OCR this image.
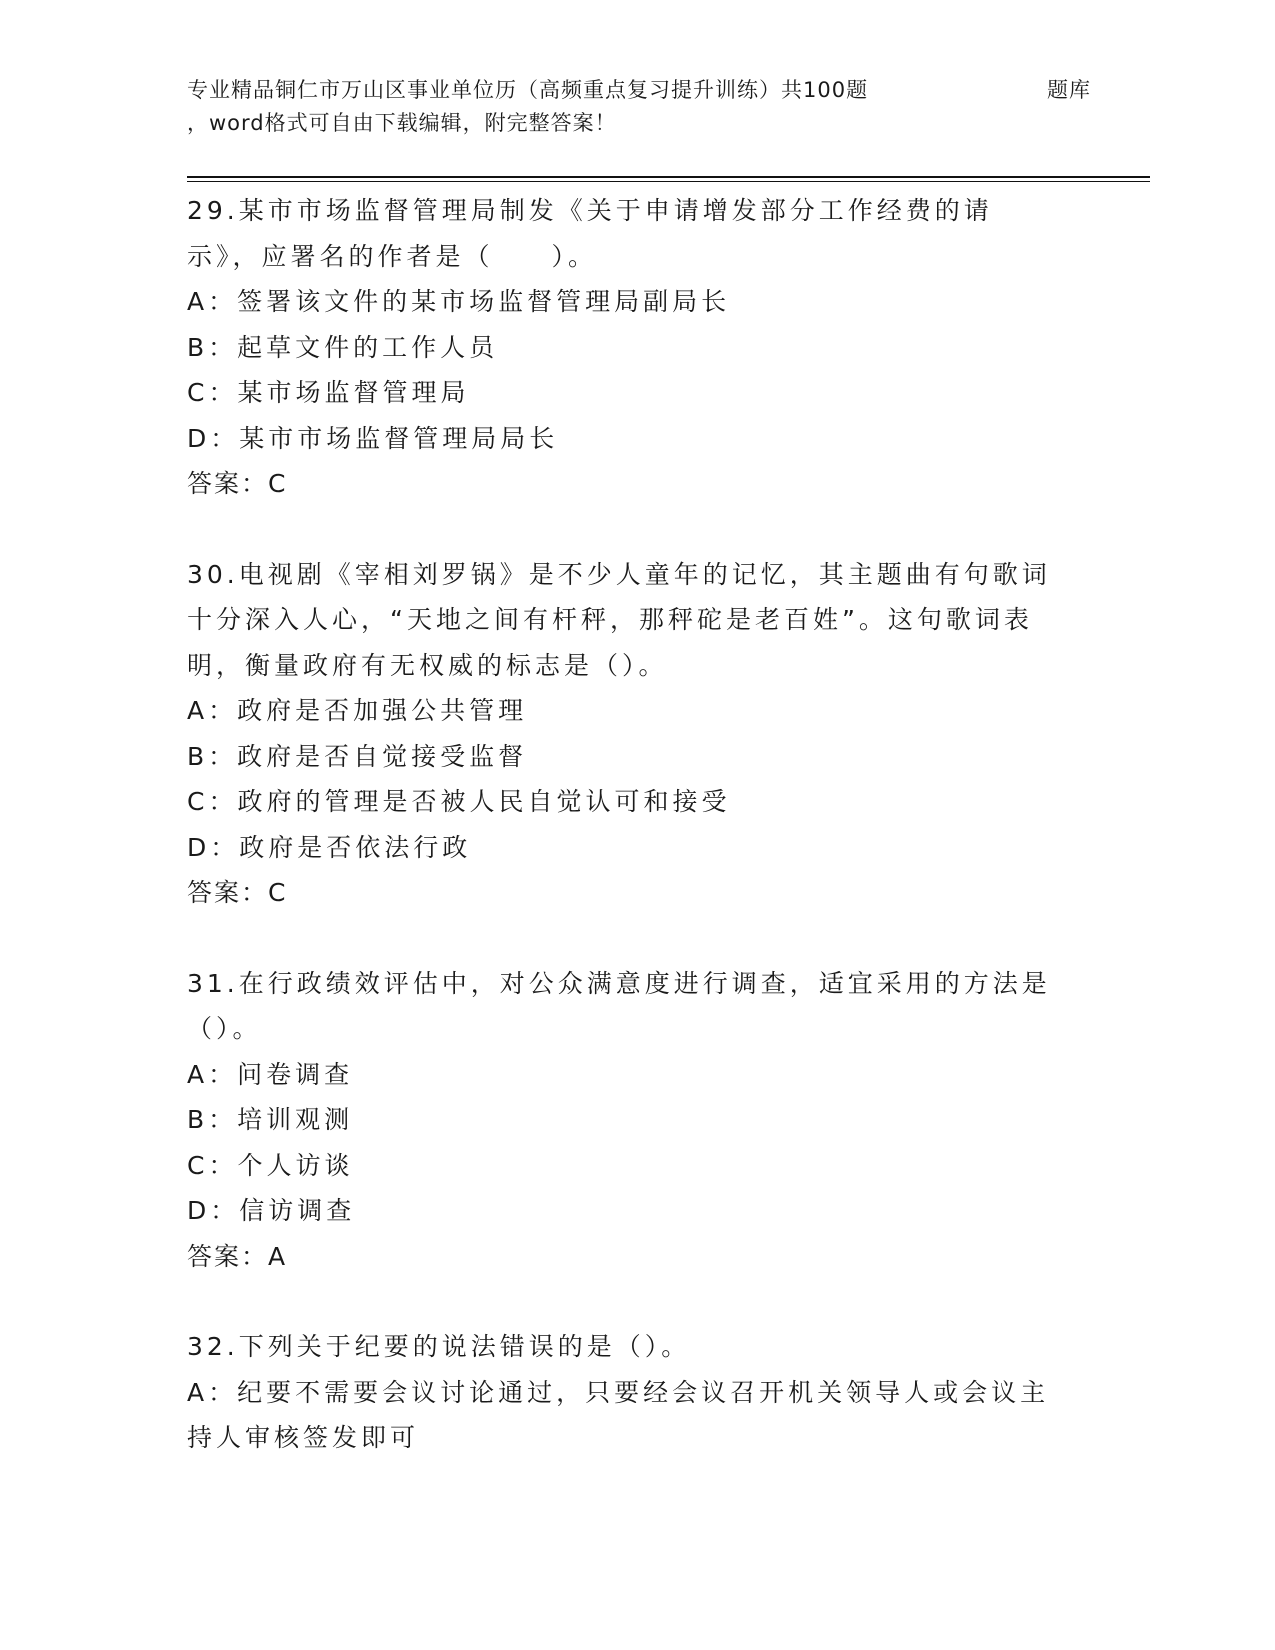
专业精品铜仁市万山区事业单位历（高频重点复习提升训练）共100题	题库
，word格式可自由下载编辑，附完整答案！
29.某市市场监督管理局制发《关于申请增发部分工作经费的请示》，应署名的作者是（　　）。
A：签署该文件的某市场监督管理局副局长
B：起草文件的工作人员
C：某市场监督管理局
D：某市市场监督管理局局长
答案：C
30.电视剧《宰相刘罗锅》是不少人童年的记忆，其主题曲有句歌词十分深入人心，“天地之间有杆秤，那秤砣是老百姓”。这句歌词表明，衡量政府有无权威的标志是（）。
A：政府是否加强公共管理
B：政府是否自觉接受监督
C：政府的管理是否被人民自觉认可和接受
D：政府是否依法行政
答案：C
31.在行政绩效评估中，对公众满意度进行调查，适宜采用的方法是（）。
A：问卷调查
B：培训观测
C：个人访谈
D：信访调查
答案：A
32.下列关于纪要的说法错误的是（）。
A：纪要不需要会议讨论通过，只要经会议召开机关领导人或会议主持人审核签发即可
